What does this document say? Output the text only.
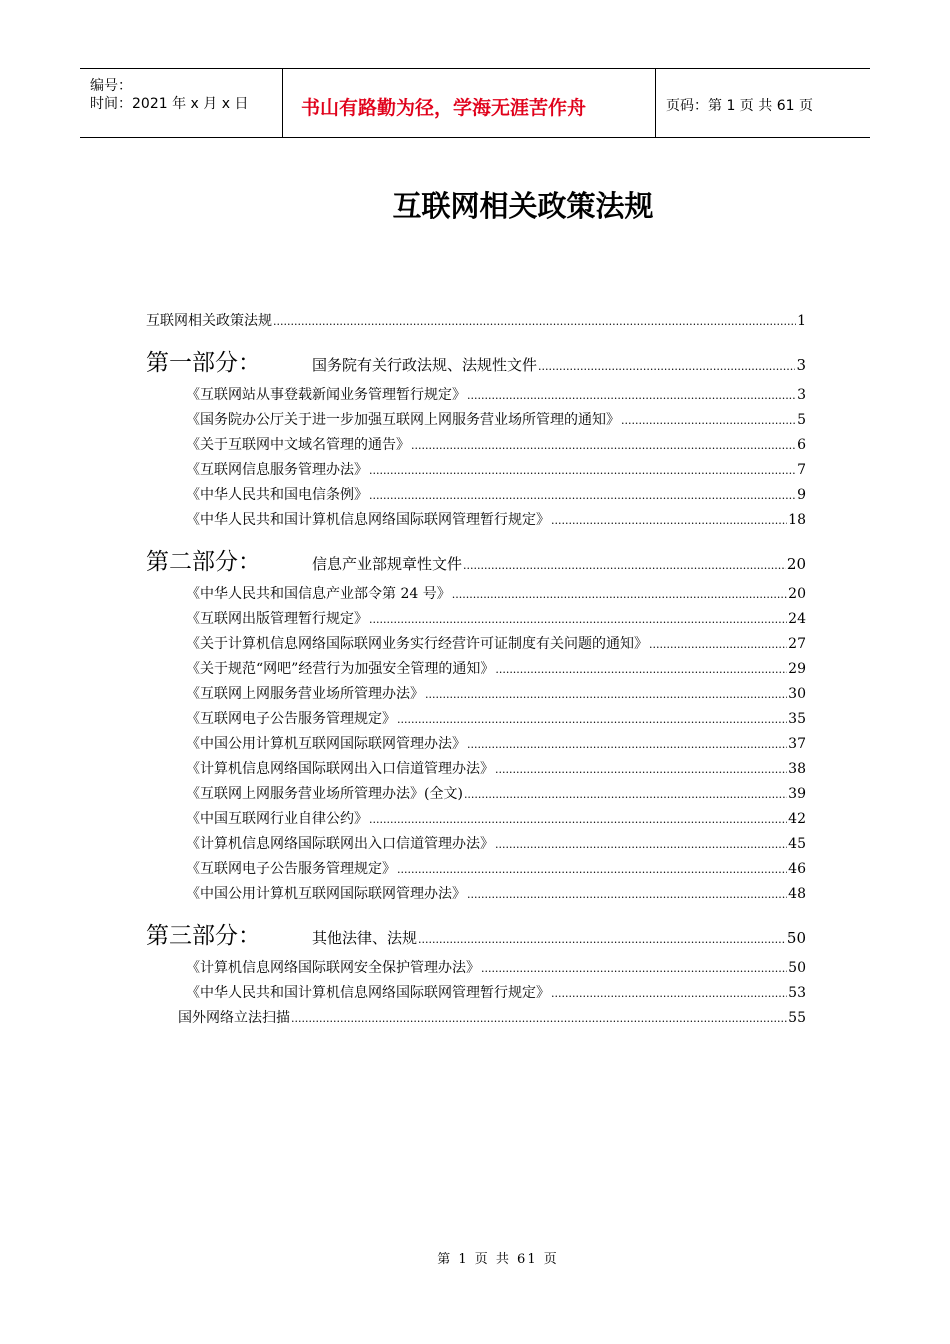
编号：
时间：2021 年 x 月 x 日	书山有路勤为径，学海无涯苦作舟	页码：第 1 页 共 61 页
互联网相关政策法规
互联网相关政策法规 .....	1
第一部分：	国务院有关行政法规、法规性文件 .....	3
《互联网站从事登载新闻业务管理暂行规定》 .....	3
《国务院办公厅关于进一步加强互联网上网服务营业场所管理的通知》 .....	5
《关于互联网中文域名管理的通告》 .....	6
《互联网信息服务管理办法》 .....	7
《中华人民共和国电信条例》 .....	9
《中华人民共和国计算机信息网络国际联网管理暂行规定》 .....	18
第二部分：	信息产业部规章性文件 .....	20
《中华人民共和国信息产业部令第 24 号》 .....	20
《互联网出版管理暂行规定》 .....	24
《关于计算机信息网络国际联网业务实行经营许可证制度有关问题的通知》 .....	27
《关于规范“网吧”经营行为加强安全管理的通知》 .....	29
《互联网上网服务营业场所管理办法》 .....	30
《互联网电子公告服务管理规定》 .....	35
《中国公用计算机互联网国际联网管理办法》 .....	37
《计算机信息网络国际联网出入口信道管理办法》 .....	38
《互联网上网服务营业场所管理办法》(全文) .....	39
《中国互联网行业自律公约》 .....	42
《计算机信息网络国际联网出入口信道管理办法》 .....	45
《互联网电子公告服务管理规定》 .....	46
《中国公用计算机互联网国际联网管理办法》 .....	48
第三部分：	其他法律、法规 .....	50
《计算机信息网络国际联网安全保护管理办法》 .....	50
《中华人民共和国计算机信息网络国际联网管理暂行规定》 .....	53
国外网络立法扫描 .....	55
第 1 页 共 61 页
